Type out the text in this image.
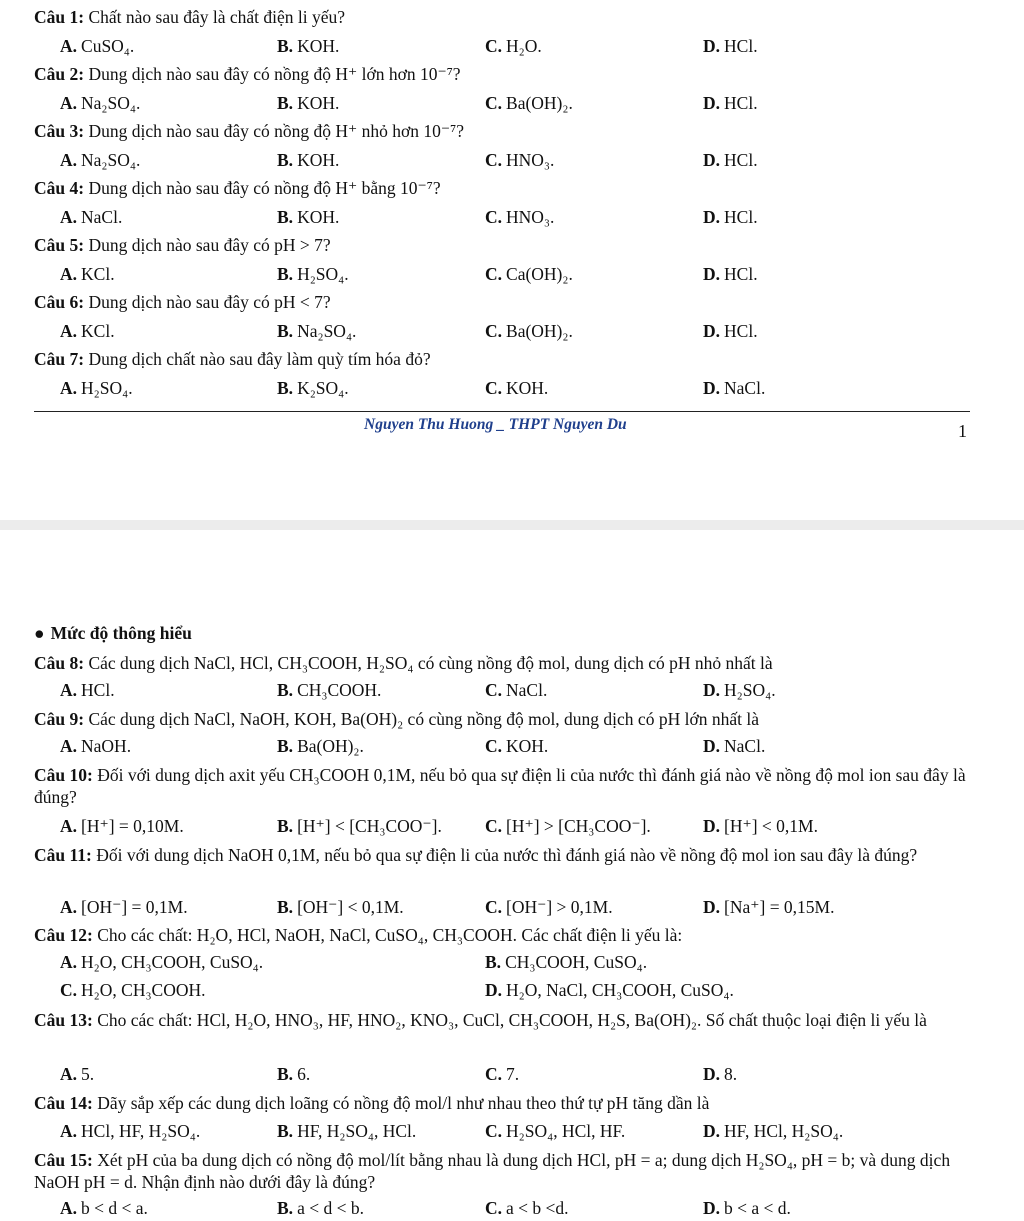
Câu 1: Chất nào sau đây là chất điện li yếu?
A. CuSO₄.	B. KOH.	C. H₂O.	D. HCl.
Câu 2: Dung dịch nào sau đây có nồng độ H⁺ lớn hơn 10⁻⁷?
A. Na₂SO₄.	B. KOH.	C. Ba(OH)₂.	D. HCl.
Câu 3: Dung dịch nào sau đây có nồng độ H⁺ nhỏ hơn 10⁻⁷?
A. Na₂SO₄.	B. KOH.	C. HNO₃.	D. HCl.
Câu 4: Dung dịch nào sau đây có nồng độ H⁺ bằng 10⁻⁷?
A. NaCl.	B. KOH.	C. HNO₃.	D. HCl.
Câu 5: Dung dịch nào sau đây có pH > 7?
A. KCl.	B. H₂SO₄.	C. Ca(OH)₂.	D. HCl.
Câu 6: Dung dịch nào sau đây có pH < 7?
A. KCl.	B. Na₂SO₄.	C. Ba(OH)₂.	D. HCl.
Câu 7: Dung dịch chất nào sau đây làm quỳ tím hóa đỏ?
A. H₂SO₄.	B. K₂SO₄.	C. KOH.	D. NaCl.
Nguyen Thu Huong _ THPT Nguyen Du	1
● Mức độ thông hiểu
Câu 8: Các dung dịch NaCl, HCl, CH₃COOH, H₂SO₄ có cùng nồng độ mol, dung dịch có pH nhỏ nhất là
A. HCl.	B. CH₃COOH.	C. NaCl.	D. H₂SO₄.
Câu 9: Các dung dịch NaCl, NaOH, KOH, Ba(OH)₂ có cùng nồng độ mol, dung dịch có pH lớn nhất là
A. NaOH.	B. Ba(OH)₂.	C. KOH.	D. NaCl.
Câu 10: Đối với dung dịch axit yếu CH₃COOH 0,1M, nếu bỏ qua sự điện li của nước thì đánh giá nào về nồng độ mol ion sau đây là đúng?
A. [H⁺] = 0,10M.	B. [H⁺] < [CH₃COO⁻]. C. [H⁺] > [CH₃COO⁻].	D. [H⁺] < 0,1M.
Câu 11: Đối với dung dịch NaOH 0,1M, nếu bỏ qua sự điện li của nước thì đánh giá nào về nồng độ mol ion sau đây là đúng?
A. [OH⁻] = 0,1M.	B. [OH⁻] < 0,1M.	C. [OH⁻] > 0,1M.	D. [Na⁺] = 0,15M.
Câu 12: Cho các chất: H₂O, HCl, NaOH, NaCl, CuSO₄, CH₃COOH. Các chất điện li yếu là:
A. H₂O, CH₃COOH, CuSO₄.	B. CH₃COOH, CuSO₄.
C. H₂O, CH₃COOH.	D. H₂O, NaCl, CH₃COOH, CuSO₄.
Câu 13: Cho các chất: HCl, H₂O, HNO₃, HF, HNO₂, KNO₃, CuCl, CH₃COOH, H₂S, Ba(OH)₂. Số chất thuộc loại điện li yếu là
A. 5.	B. 6.	C. 7.	D. 8.
Câu 14: Dãy sắp xếp các dung dịch loãng có nồng độ mol/l như nhau theo thứ tự pH tăng dần là
A. HCl, HF, H₂SO₄.	B. HF, H₂SO₄, HCl.	C. H₂SO₄, HCl, HF.	D. HF, HCl, H₂SO₄.
Câu 15: Xét pH của ba dung dịch có nồng độ mol/lít bằng nhau là dung dịch HCl, pH = a; dung dịch H₂SO₄, pH = b; và dung dịch NaOH pH = d. Nhận định nào dưới đây là đúng?
A. b < d < a.	B. a < d < b.	C. a < b <d.	D. b < a < d.
